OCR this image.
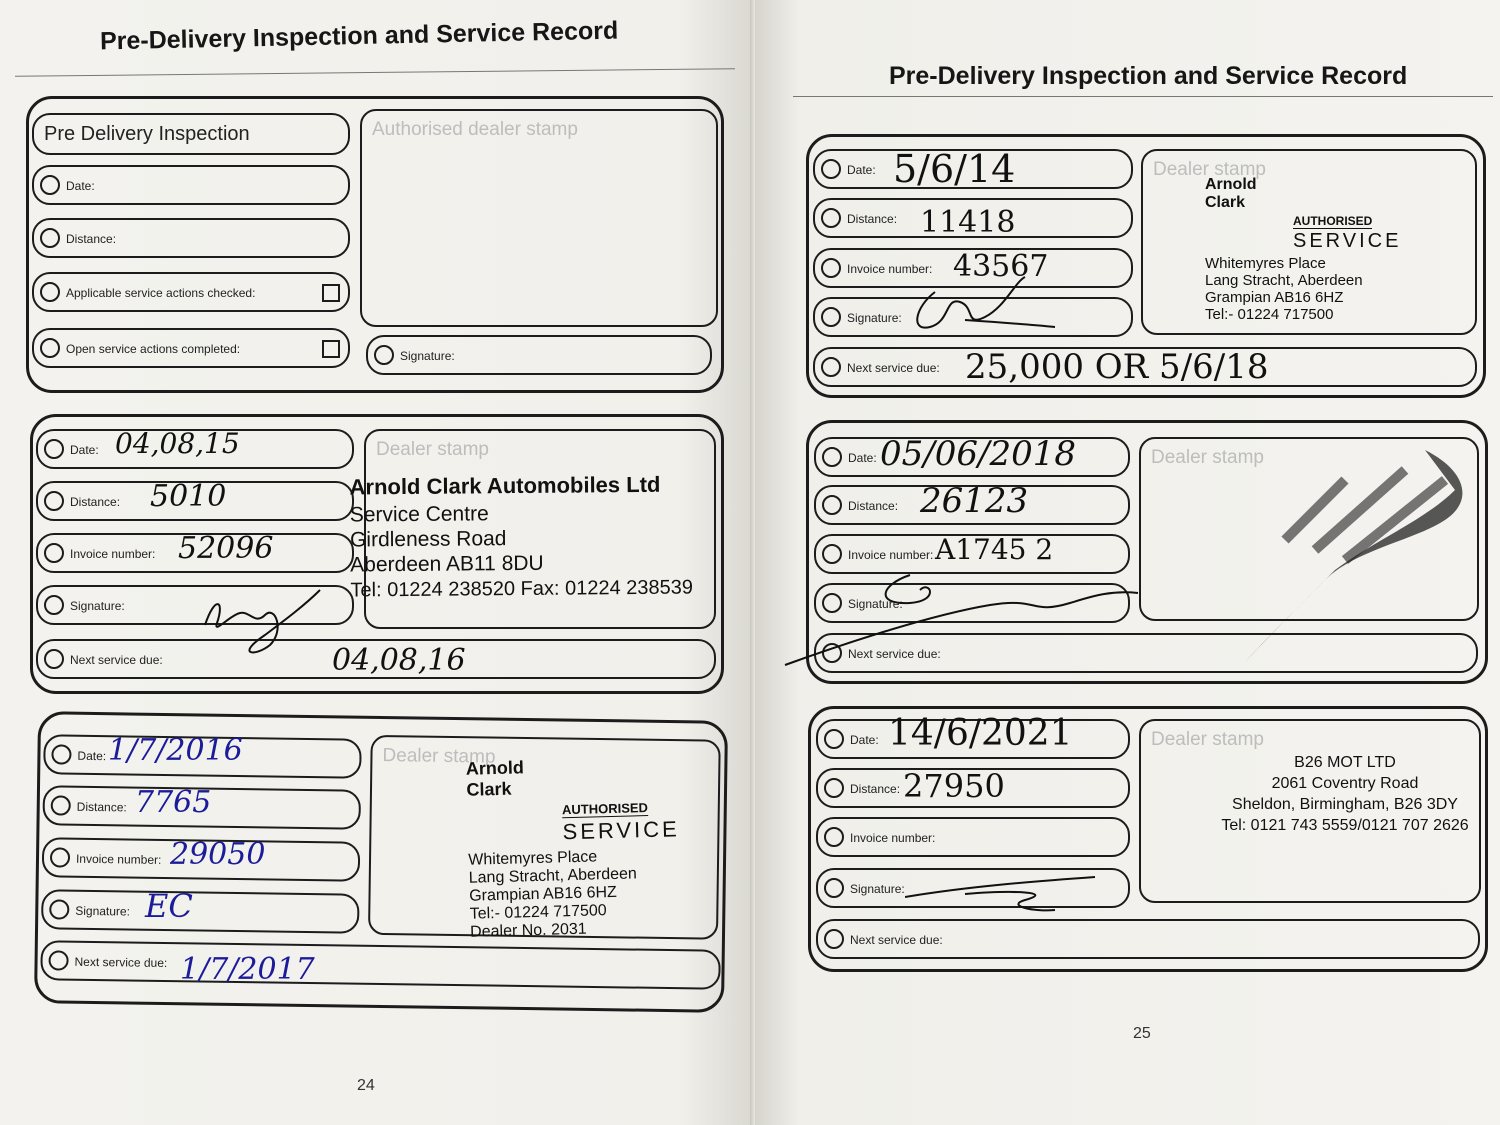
Pre-Delivery Inspection and Service Record
Pre Delivery Inspection
Date:
Distance:
Applicable service actions checked:
Open service actions completed:
Authorised dealer stamp
Signature:
Date:
Distance:
Invoice number:
Signature:
Next service due:
Dealer stamp
04,08,15
5010
52096
04,08,16
Arnold Clark Automobiles Ltd
Service Centre
Girdleness Road
Aberdeen AB11 8DU
Tel: 01224 238520 Fax: 01224 238539
Date:
Distance:
Invoice number:
Signature:
Next service due:
Dealer stamp
1/7/2016
7765
29050
EC
1/7/2017
Arnold
Clark
AUTHORISED
SERVICE
Whitemyres Place
Lang Stracht, Aberdeen
Grampian AB16 6HZ
Tel:- 01224 717500
Dealer No. 2031
24
Pre-Delivery Inspection and Service Record
Date:
Distance:
Invoice number:
Signature:
Next service due:
Dealer stamp
5/6/14
11418
43567
25,000 OR 5/6/18
Arnold
Clark
AUTHORISED
SERVICE
Whitemyres Place
Lang Stracht, Aberdeen
Grampian AB16 6HZ
Tel:- 01224 717500
Date:
Distance:
Invoice number:
Signature:
Next service due:
Dealer stamp
05/06/2018
26123
A1745 2
Date:
Distance:
Invoice number:
Signature:
Next service due:
Dealer stamp
14/6/2021
27950
B26 MOT LTD
2061 Coventry Road
Sheldon, Birmingham, B26 3DY
Tel: 0121 743 5559/0121 707 2626
25
